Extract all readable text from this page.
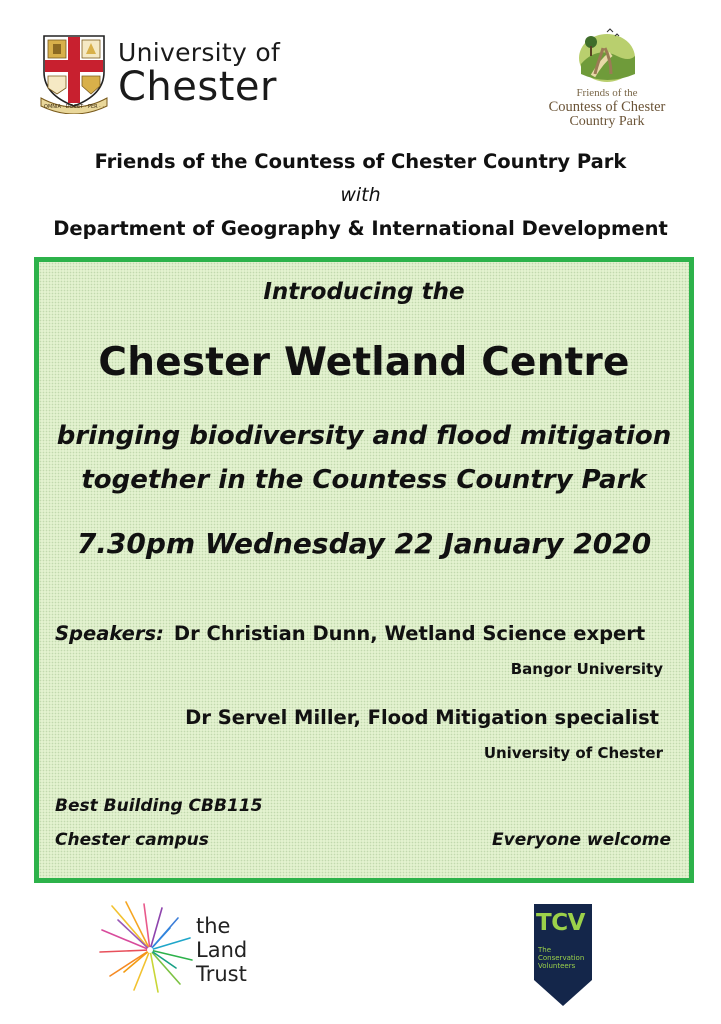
OMNIA · DOCET · PER · ·
University of
Chester	Friends of the
Countess of Chester
Country Park
Friends of the Countess of Chester Country Park
with
Department of Geography & International Development
Introducing the
Chester Wetland Centre
bringing biodiversity and flood mitigation
together in the Countess Country Park
7.30pm Wednesday 22 January 2020
Speakers: Dr Christian Dunn, Wetland Science expert
Bangor University
Dr Servel Miller, Flood Mitigation specialist
University of Chester
Best Building CBB115
Chester campus	Everyone welcome
the
Land
Trust
TCV
The
Conservation
Volunteers
